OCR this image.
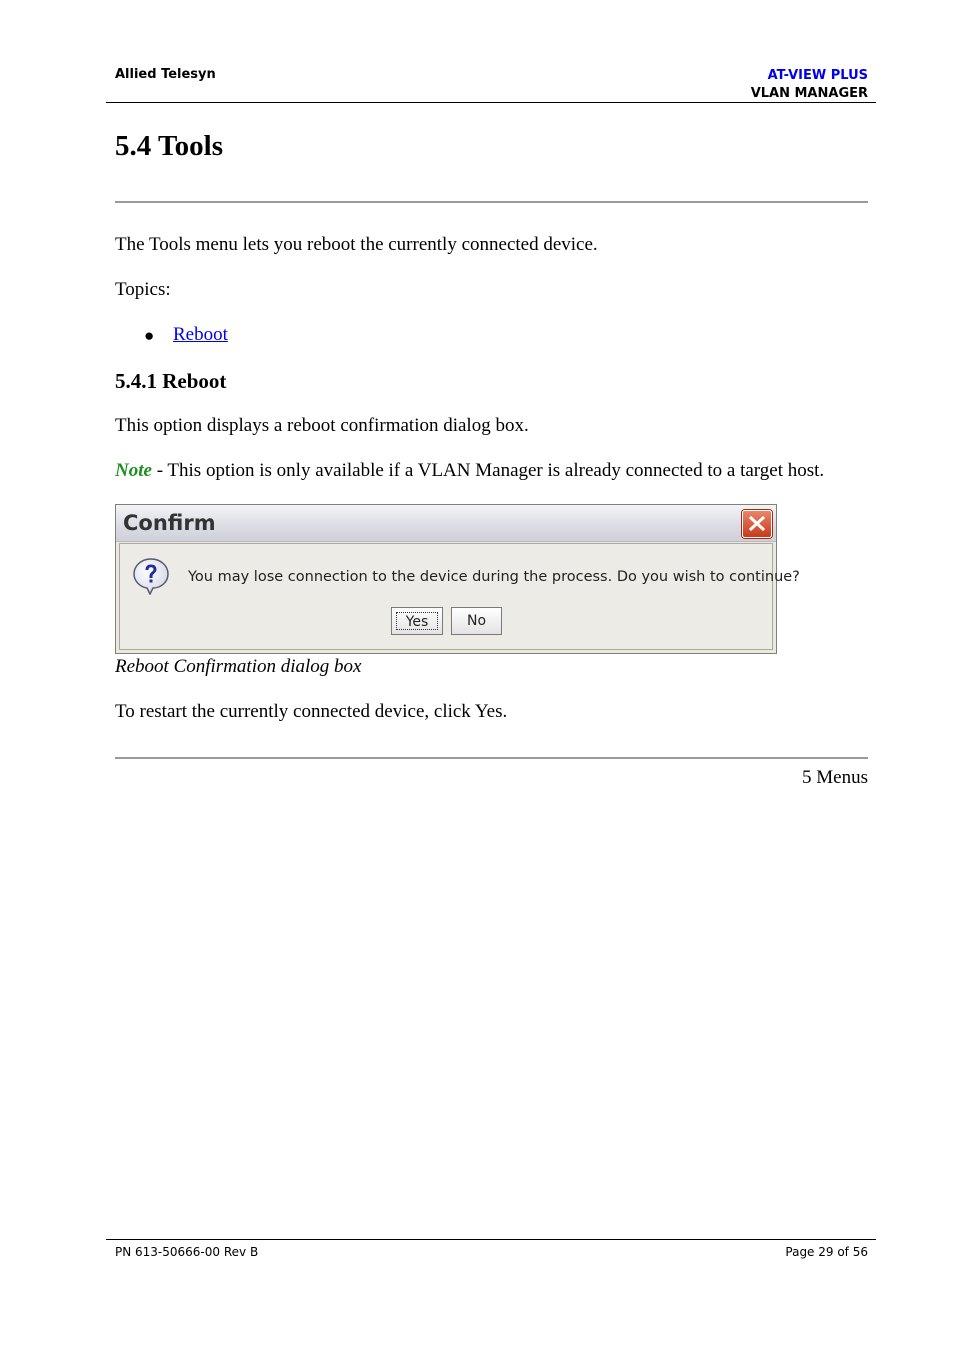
Allied Telesyn	AT-VIEW PLUS
VLAN MANAGER
5.4 Tools

The Tools menu lets you reboot the currently connected device.

Topics:

● Reboot
5.4.1 Reboot

This option displays a reboot confirmation dialog box.

Note - This option is only available if a VLAN Manager is already connected to a target host.

Confirm
You may lose connection to the device during the process. Do you wish to continue?
Yes	No

Reboot Confirmation dialog box

To restart the currently connected device, click Yes.

5 Menus
PN 613-50666-00 Rev B	Page 29 of 56
